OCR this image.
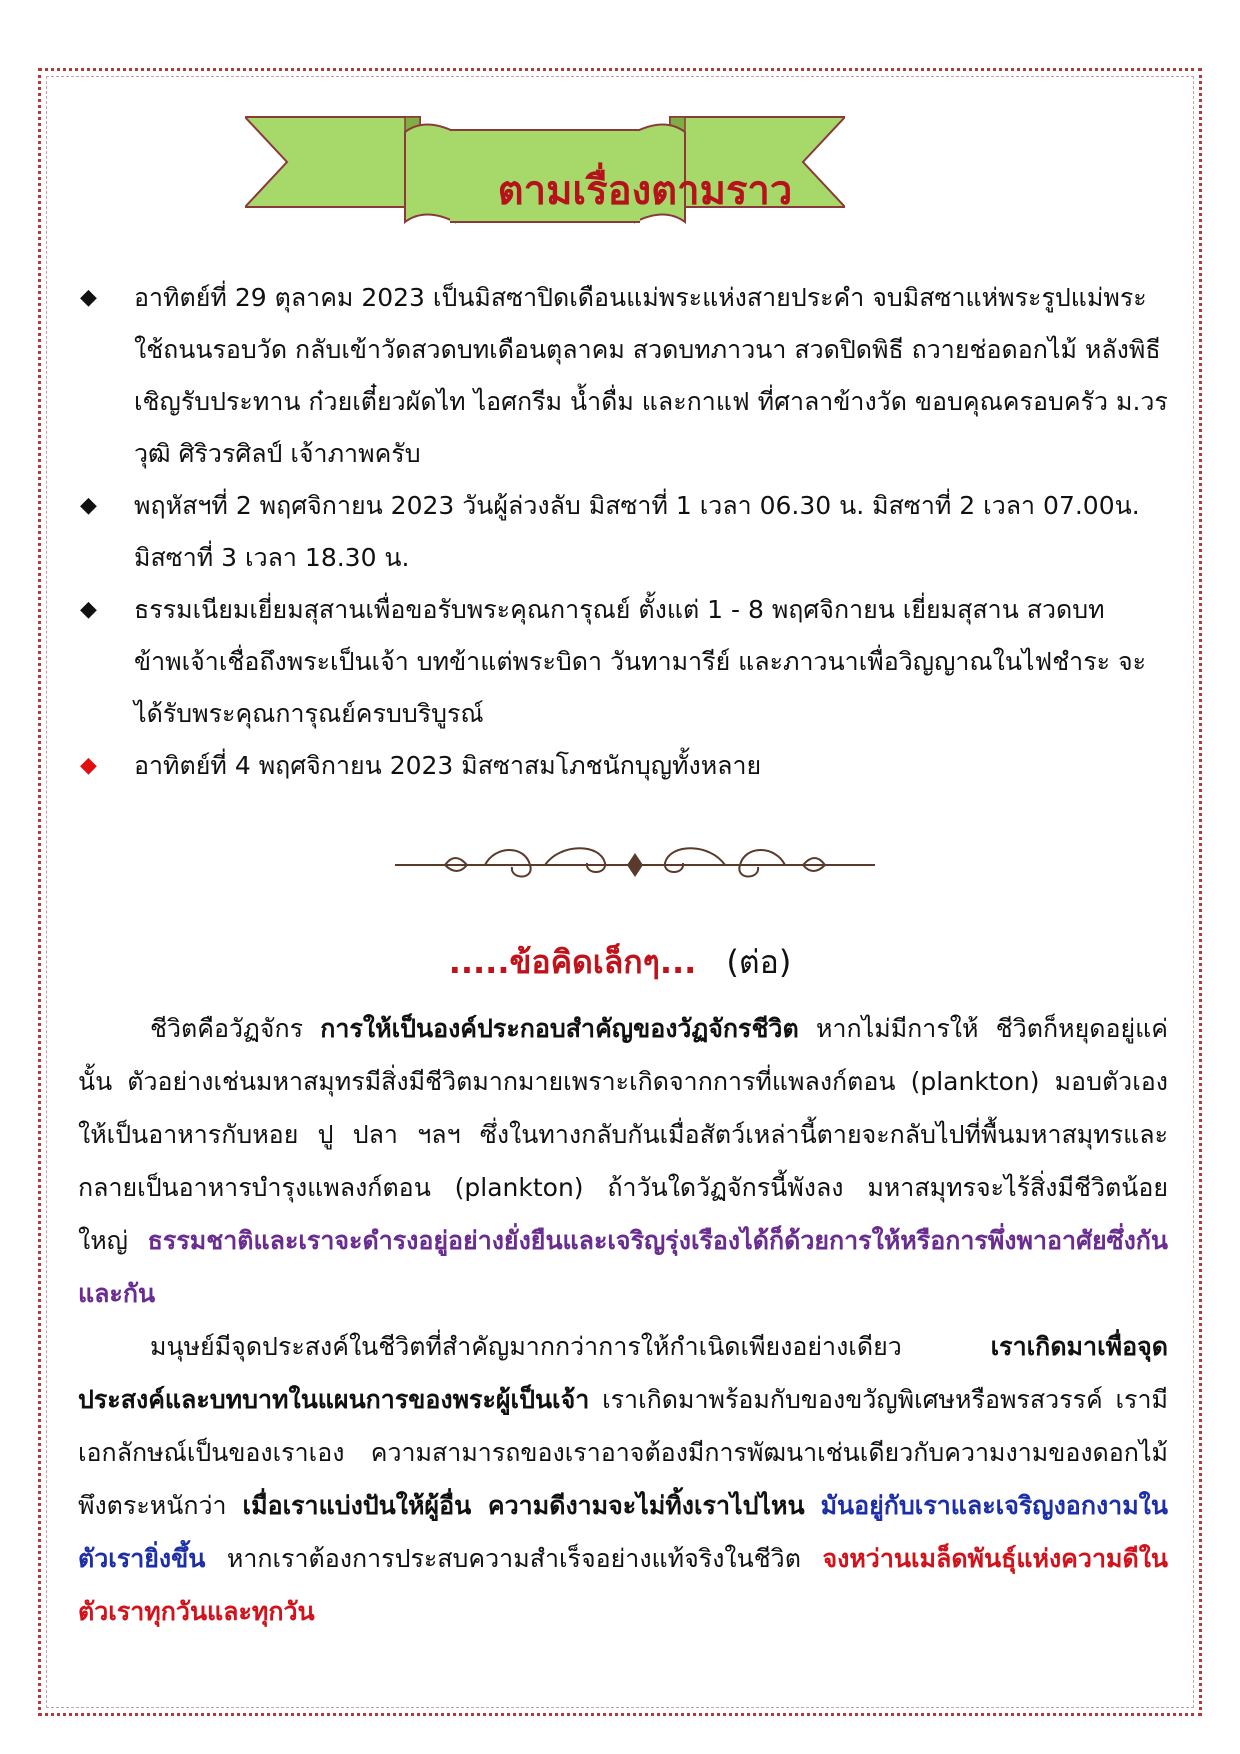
ตามเรื่องตามราว
◆ อาทิตย์ที่ 29 ตุลาคม 2023 เป็นมิสซาปิดเดือนแม่พระแห่งสายประคำ จบมิสซาแห่พระรูปแม่พระใช้ถนนรอบวัด กลับเข้าวัดสวดบทเดือนตุลาคม สวดบทภาวนา สวดปิดพิธี ถวายช่อดอกไม้ หลังพิธีเชิญรับประทาน ก๋วยเตี๋ยวผัดไท ไอศกรีม น้ำดื่ม และกาแฟ ที่ศาลาข้างวัด ขอบคุณครอบครัว ม.วรวุฒิ ศิริวรศิลป์ เจ้าภาพครับ
◆ พฤหัสฯที่ 2 พฤศจิกายน 2023 วันผู้ล่วงลับ มิสซาที่ 1 เวลา 06.30 น. มิสซาที่ 2 เวลา 07.00น. มิสซาที่ 3 เวลา 18.30 น.
◆ ธรรมเนียมเยี่ยมสุสานเพื่อขอรับพระคุณการุณย์ ตั้งแต่ 1 - 8 พฤศจิกายน เยี่ยมสุสาน สวดบทข้าพเจ้าเชื่อถึงพระเป็นเจ้า บทข้าแต่พระบิดา วันทามารีย์ และภาวนาเพื่อวิญญาณในไฟชำระ จะได้รับพระคุณการุณย์ครบบริบูรณ์
◆ อาทิตย์ที่ 4 พฤศจิกายน 2023 มิสซาสมโภชนักบุญทั้งหลาย
.....ข้อคิดเล็กๆ... (ต่อ)

ชีวิตคือวัฏจักร การให้เป็นองค์ประกอบสำคัญของวัฏจักรชีวิต หากไม่มีการให้ ชีวิตก็หยุดอยู่แค่นั้น ตัวอย่างเช่นมหาสมุทรมีสิ่งมีชีวิตมากมายเพราะเกิดจากการที่แพลงก์ตอน (plankton) มอบตัวเองให้เป็นอาหารกับหอย ปู ปลา ฯลฯ ซึ่งในทางกลับกันเมื่อสัตว์เหล่านี้ตายจะกลับไปที่พื้นมหาสมุทรและกลายเป็นอาหารบำรุงแพลงก์ตอน (plankton) ถ้าวันใดวัฏจักรนี้พังลง มหาสมุทรจะไร้สิ่งมีชีวิตน้อยใหญ่ ธรรมชาติและเราจะดำรงอยู่อย่างยั่งยืนและเจริญรุ่งเรืองได้ก็ด้วยการให้หรือการพึ่งพาอาศัยซึ่งกันและกัน

มนุษย์มีจุดประสงค์ในชีวิตที่สำคัญมากกว่าการให้กำเนิดเพียงอย่างเดียว เราเกิดมาเพื่อจุดประสงค์และบทบาทในแผนการของพระผู้เป็นเจ้า เราเกิดมาพร้อมกับของขวัญพิเศษหรือพรสวรรค์ เรามีเอกลักษณ์เป็นของเราเอง ความสามารถของเราอาจต้องมีการพัฒนาเช่นเดียวกับความงามของดอกไม้ พึงตระหนักว่า เมื่อเราแบ่งปันให้ผู้อื่น ความดีงามจะไม่ทิ้งเราไปไหน มันอยู่กับเราและเจริญงอกงามในตัวเรายิ่งขึ้น หากเราต้องการประสบความสำเร็จอย่างแท้จริงในชีวิต จงหว่านเมล็ดพันธุ์แห่งความดีในตัวเราทุกวันและทุกวัน
